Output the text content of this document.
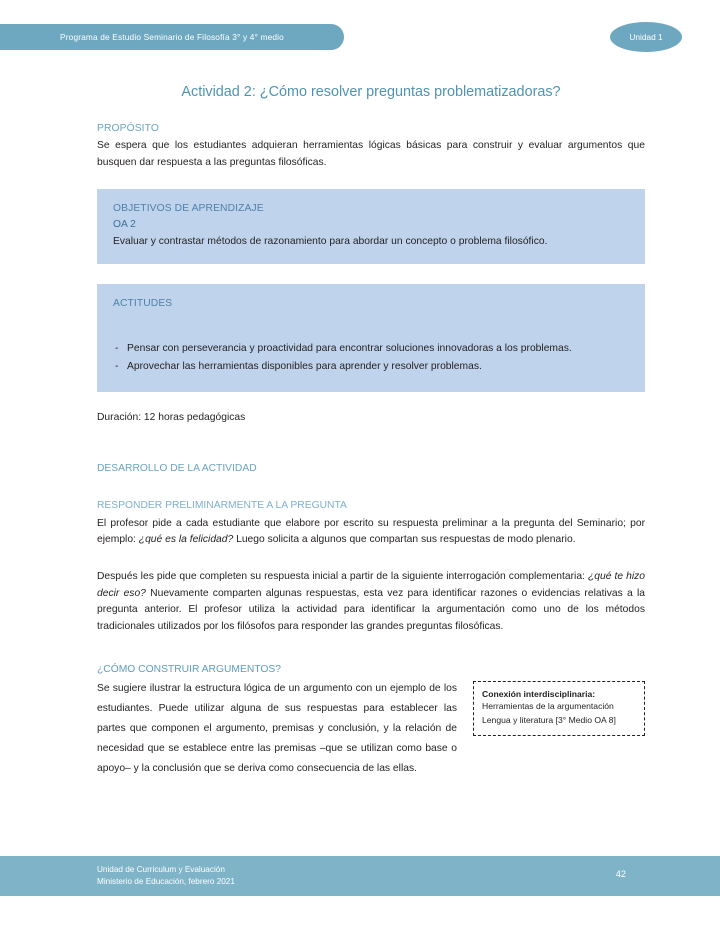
Programa de Estudio Seminario de Filosofía 3° y 4° medio	Unidad 1
Actividad 2: ¿Cómo resolver preguntas problematizadoras?
PROPÓSITO

Se espera que los estudiantes adquieran herramientas lógicas básicas para construir y evaluar argumentos que busquen dar respuesta a las preguntas filosóficas.

OBJETIVOS DE APRENDIZAJE
OA 2
Evaluar y contrastar métodos de razonamiento para abordar un concepto o problema filosófico.
ACTITUDES
- Pensar con perseverancia y proactividad para encontrar soluciones innovadoras a los problemas.
- Aprovechar las herramientas disponibles para aprender y resolver problemas.
Duración: 12 horas pedagógicas
DESARROLLO DE LA ACTIVIDAD
RESPONDER PRELIMINARMENTE A LA PREGUNTA

El profesor pide a cada estudiante que elabore por escrito su respuesta preliminar a la pregunta del Seminario; por ejemplo: ¿qué es la felicidad? Luego solicita a algunos que compartan sus respuestas de modo plenario.

Después les pide que completen su respuesta inicial a partir de la siguiente interrogación complementaria: ¿qué te hizo decir eso? Nuevamente comparten algunas respuestas, esta vez para identificar razones o evidencias relativas a la pregunta anterior. El profesor utiliza la actividad para identificar la argumentación como uno de los métodos tradicionales utilizados por los filósofos para responder las grandes preguntas filosóficas.

¿CÓMO CONSTRUIR ARGUMENTOS?
Conexión interdisciplinaria:
Herramientas de la argumentación
Lengua y literatura [3° Medio OA 8]

Se sugiere ilustrar la estructura lógica de un argumento con un ejemplo de los estudiantes. Puede utilizar alguna de sus respuestas para establecer las partes que componen el argumento, premisas y conclusión, y la relación de necesidad que se establece entre las premisas –que se utilizan como base o apoyo– y la conclusión que se deriva como consecuencia de las ellas.

Unidad de Curriculum y Evaluación
Ministerio de Educación, febrero 2021
42
